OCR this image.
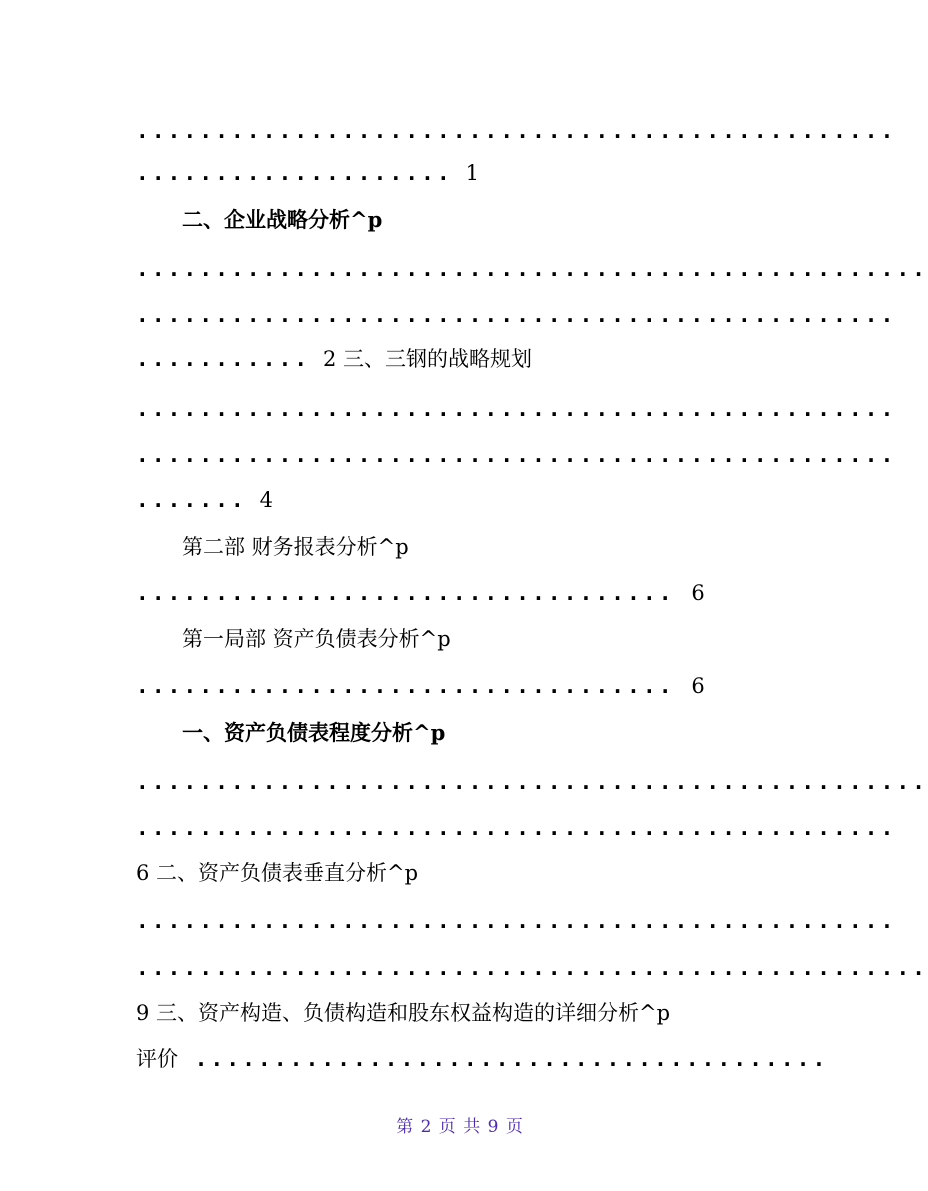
................................................
.................... 1
二、企业战略分析^p
..................................................
................................................
........... 2 三、三钢的战略规划
................................................
................................................
....... 4
第二部 财务报表分析^p
.................................. 6
第一局部 资产负债表分析^p
.................................. 6
一、资产负债表程度分析^p
..................................................
................................................
6 二、资产负债表垂直分析^p
................................................
..................................................
9 三、资产构造、负债构造和股东权益构造的详细分析^p
评价 ........................................
第 2 页 共 9 页
